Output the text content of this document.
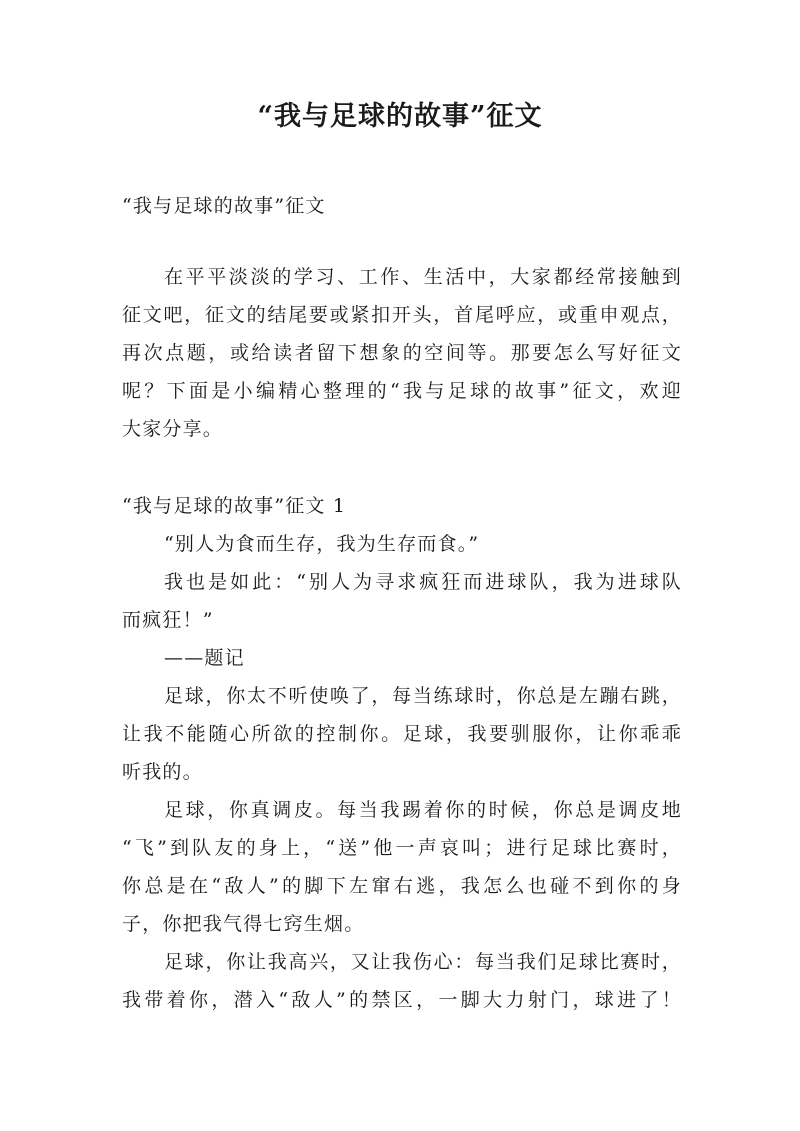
“我与足球的故事”征文

“我与足球的故事”征文

在平平淡淡的学习、工作、生活中，大家都经常接触到
征文吧，征文的结尾要或紧扣开头，首尾呼应，或重申观点，
再次点题，或给读者留下想象的空间等。那要怎么写好征文
呢？下面是小编精心整理的“我与足球的故事”征文，欢迎
大家分享。

“我与足球的故事”征文 1

“别人为食而生存，我为生存而食。”
我也是如此：“别人为寻求疯狂而进球队，我为进球队
而疯狂！”
——题记
足球，你太不听使唤了，每当练球时，你总是左蹦右跳，
让我不能随心所欲的控制你。足球，我要驯服你，让你乖乖
听我的。
足球，你真调皮。每当我踢着你的时候，你总是调皮地
“飞”到队友的身上，“送”他一声哀叫；进行足球比赛时，
你总是在“敌人”的脚下左窜右逃，我怎么也碰不到你的身
子，你把我气得七窍生烟。
足球，你让我高兴，又让我伤心：每当我们足球比赛时，
我带着你，潜入“敌人”的禁区，一脚大力射门，球进了！
